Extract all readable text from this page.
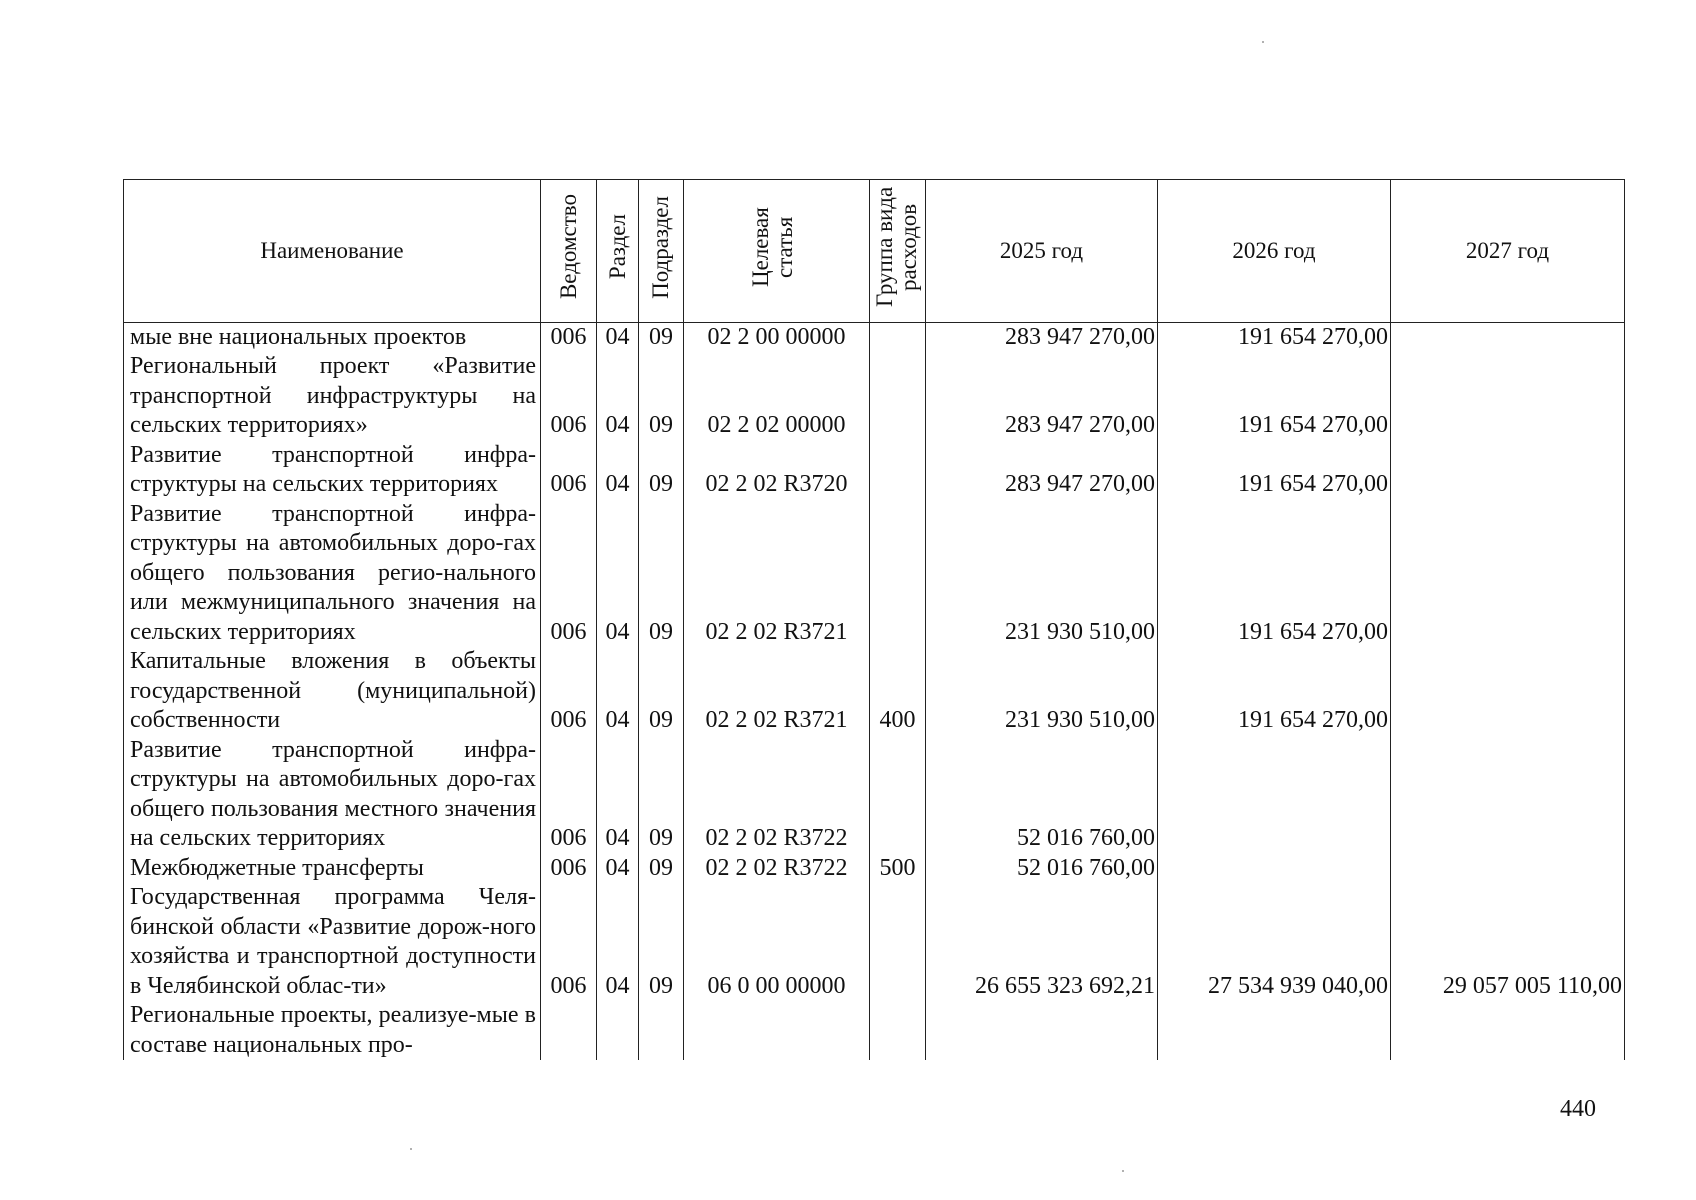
Наименование	Ведомство	Раздел	Подраздел	Целевая статья	Группа вида расходов	2025 год	2026 год	2027 год
мые вне национальных проектов	006	04	09	02 2 00 00000		283 947 270,00	191 654 270,00	
Региональный проект «Развитие транспортной инфраструктуры на сельских территориях»	006	04	09	02 2 02 00000		283 947 270,00	191 654 270,00	
Развитие транспортной инфра-структуры на сельских территориях	006	04	09	02 2 02 R3720		283 947 270,00	191 654 270,00	
Развитие транспортной инфра-структуры на автомобильных доро-гах общего пользования регио-нального или межмуниципального значения на сельских территориях	006	04	09	02 2 02 R3721		231 930 510,00	191 654 270,00	
Капитальные вложения в объекты государственной (муниципальной) собственности	006	04	09	02 2 02 R3721	400	231 930 510,00	191 654 270,00	
Развитие транспортной инфра-структуры на автомобильных доро-гах общего пользования местного значения на сельских территориях	006	04	09	02 2 02 R3722		52 016 760,00		
Межбюджетные трансферты	006	04	09	02 2 02 R3722	500	52 016 760,00		
Государственная программа Челя-бинской области «Развитие дорож-ного хозяйства и транспортной доступности в Челябинской облас-ти»	006	04	09	06 0 00 00000		26 655 323 692,21	27 534 939 040,00	29 057 005 110,00
Региональные проекты, реализуе-мые в составе национальных про-								
440
